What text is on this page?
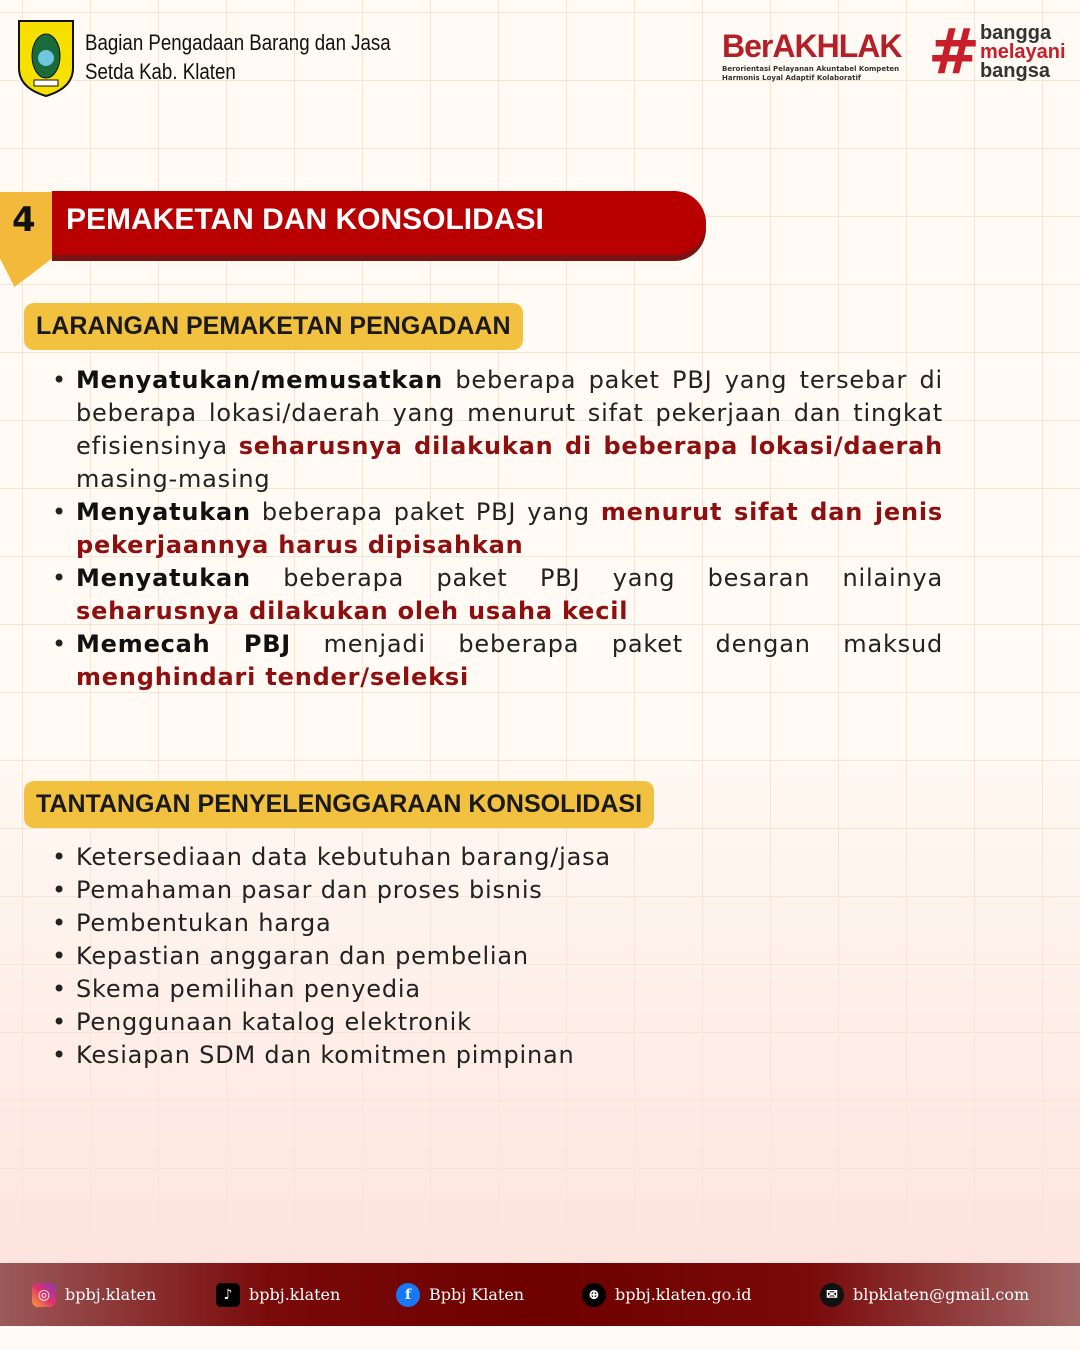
Bagian Pengadaan Barang dan Jasa
Setda Kab. Klaten
BerAKHLAK
Berorientasi Pelayanan Akuntabel Kompeten
Harmonis Loyal Adaptif Kolaboratif	# bangga
melayani
bangsa
4 PEMAKETAN DAN KONSOLIDASI
LARANGAN PEMAKETAN PENGADAAN
• Menyatukan/memusatkan beberapa paket PBJ yang tersebar di beberapa lokasi/daerah yang menurut sifat pekerjaan dan tingkat efisiensinya seharusnya dilakukan di beberapa lokasi/daerah masing-masing
• Menyatukan beberapa paket PBJ yang menurut sifat dan jenis pekerjaannya harus dipisahkan
• Menyatukan beberapa paket PBJ yang besaran nilainya seharusnya dilakukan oleh usaha kecil
• Memecah PBJ menjadi beberapa paket dengan maksud menghindari tender/seleksi
TANTANGAN PENYELENGGARAAN KONSOLIDASI
• Ketersediaan data kebutuhan barang/jasa
• Pemahaman pasar dan proses bisnis
• Pembentukan harga
• Kepastian anggaran dan pembelian
• Skema pemilihan penyedia
• Penggunaan katalog elektronik
• Kesiapan SDM dan komitmen pimpinan
◎ bpbj.klaten	♪	bpbj.klaten	f	Bpbj Klaten	⊕ bpbj.klaten.go.id	✉ blpklaten@gmail.com
